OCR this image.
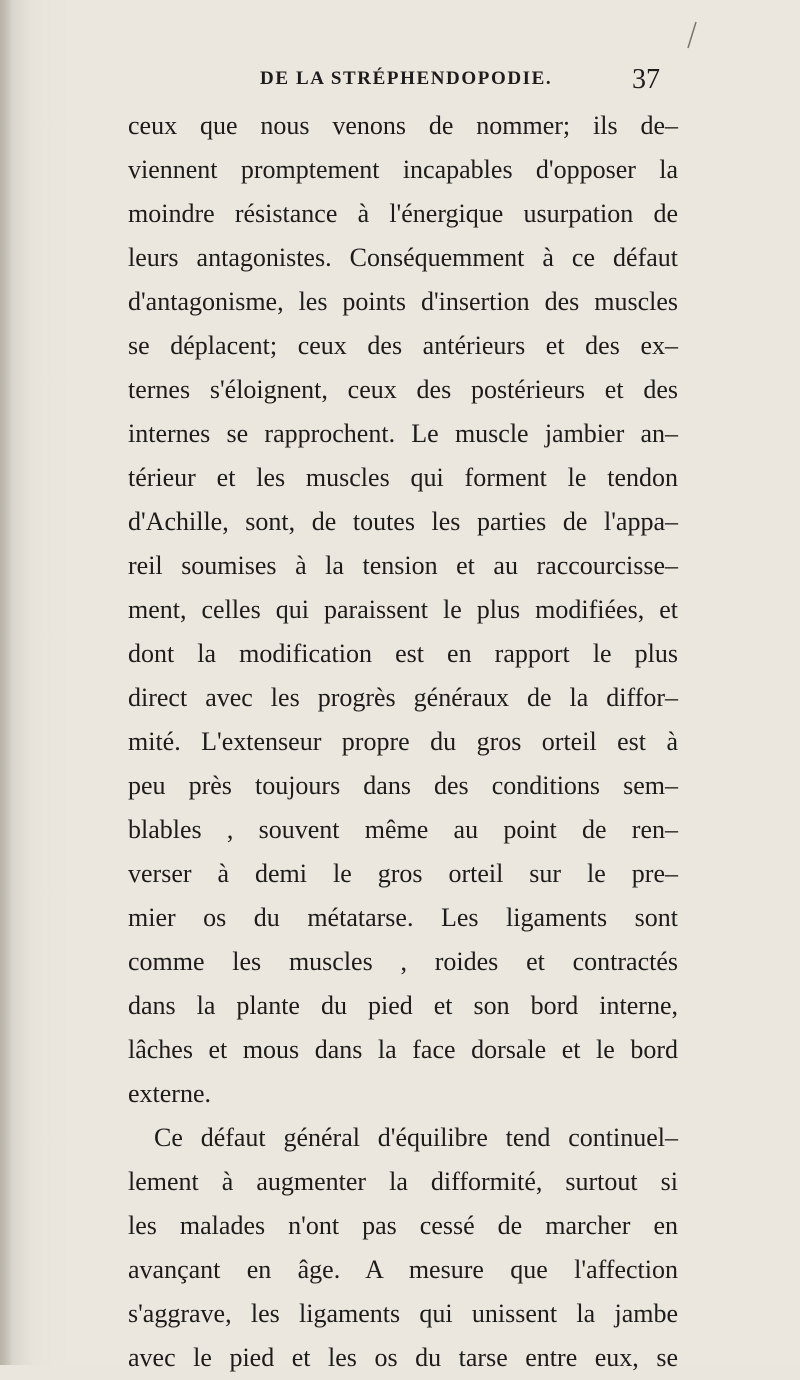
DE LA STRÉPHENDOPODIE.	37
ceux que nous venons de nommer; ils de–
viennent promptement incapables d'opposer la
moindre résistance à l'énergique usurpation de
leurs antagonistes. Conséquemment à ce défaut
d'antagonisme, les points d'insertion des muscles
se déplacent; ceux des antérieurs et des ex–
ternes s'éloignent, ceux des postérieurs et des
internes se rapprochent. Le muscle jambier an–
térieur et les muscles qui forment le tendon
d'Achille, sont, de toutes les parties de l'appa–
reil soumises à la tension et au raccourcisse–
ment, celles qui paraissent le plus modifiées, et
dont la modification est en rapport le plus
direct avec les progrès généraux de la diffor–
mité. L'extenseur propre du gros orteil est à
peu près toujours dans des conditions sem–
blables , souvent même au point de ren–
verser à demi le gros orteil sur le pre–
mier os du métatarse. Les ligaments sont
comme les muscles , roides et contractés
dans la plante du pied et son bord interne,
lâches et mous dans la face dorsale et le bord
externe.
Ce défaut général d'équilibre tend continuel–
lement à augmenter la difformité, surtout si
les malades n'ont pas cessé de marcher en
avançant en âge. A mesure que l'affection
s'aggrave, les ligaments qui unissent la jambe
avec le pied et les os du tarse entre eux, se
